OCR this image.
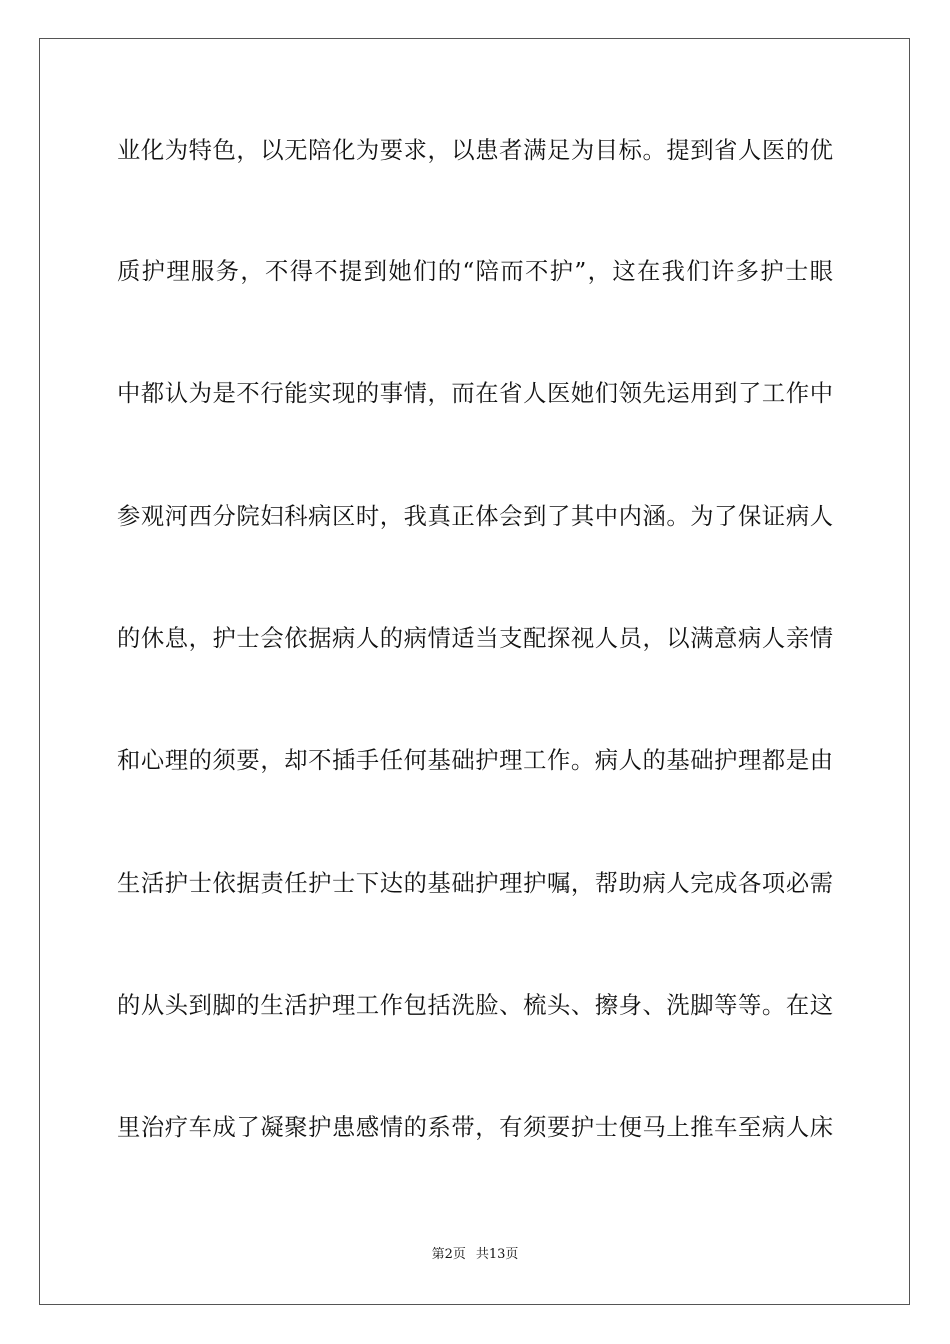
业化为特色，以无陪化为要求，以患者满足为目标。提到省人医的优
质护理服务，不得不提到她们的“陪而不护”，这在我们许多护士眼
中都认为是不行能实现的事情，而在省人医她们领先运用到了工作中
参观河西分院妇科病区时，我真正体会到了其中内涵。为了保证病人
的休息，护士会依据病人的病情适当支配探视人员，以满意病人亲情
和心理的须要，却不插手任何基础护理工作。病人的基础护理都是由
生活护士依据责任护士下达的基础护理护嘱，帮助病人完成各项必需
的从头到脚的生活护理工作包括洗脸、梳头、擦身、洗脚等等。在这
里治疗车成了凝聚护患感情的系带，有须要护士便马上推车至病人床
第2页 共13页
